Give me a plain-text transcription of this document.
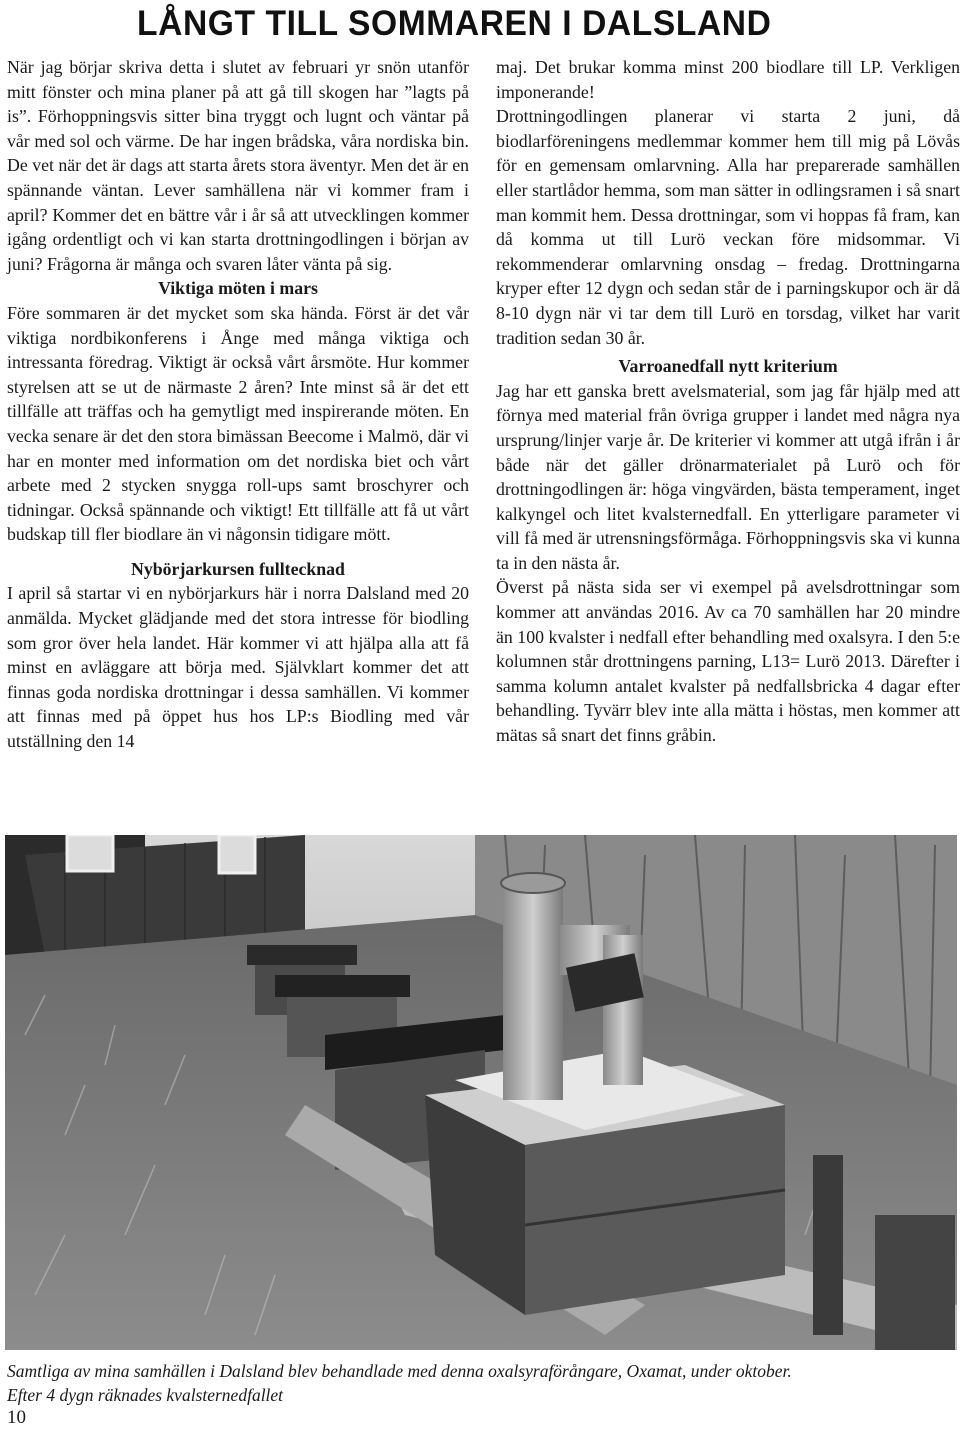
LÅNGT TILL SOMMAREN I DALSLAND

När jag börjar skriva detta i slutet av februari yr snön utanför mitt fönster och mina planer på att gå till skogen har ”lagts på is”. Förhoppningsvis sitter bina tryggt och lugnt och väntar på vår med sol och värme. De har ingen brådska, våra nordiska bin. De vet när det är dags att starta årets stora äventyr. Men det är en spännande väntan. Lever samhällena när vi kommer fram i april? Kommer det en bättre vår i år så att utvecklingen kommer igång ordentligt och vi kan starta drottningodlingen i början av juni? Frågorna är många och svaren låter vänta på sig.

Viktiga möten i mars

Före sommaren är det mycket som ska hända. Först är det vår viktiga nordbikonferens i Ånge med många viktiga och intressanta föredrag. Viktigt är också vårt årsmöte. Hur kommer styrelsen att se ut de närmaste 2 åren? Inte minst så är det ett tillfälle att träffas och ha gemytligt med inspirerande möten. En vecka senare är det den stora bimässan Beecome i Malmö, där vi har en monter med information om det nordiska biet och vårt arbete med 2 stycken snygga roll-ups samt broschyrer och tidningar. Också spännande och viktigt! Ett tillfälle att få ut vårt budskap till fler biodlare än vi någonsin tidigare mött.

Nybörjarkursen fulltecknad

I april så startar vi en nybörjarkurs här i norra Dalsland med 20 anmälda. Mycket glädjande med det stora intresse för biodling som gror över hela landet. Här kommer vi att hjälpa alla att få minst en avläggare att börja med. Självklart kommer det att finnas goda nordiska drottningar i dessa samhällen. Vi kommer att finnas med på öppet hus hos LP:s Biodling med vår utställning den 14

maj. Det brukar komma minst 200 biodlare till LP. Verkligen imponerande!

Drottningodlingen planerar vi starta 2 juni, då biodlarföreningens medlemmar kommer hem till mig på Lövås för en gemensam omlarvning. Alla har preparerade samhällen eller startlådor hemma, som man sätter in odlingsramen i så snart man kommit hem. Dessa drottningar, som vi hoppas få fram, kan då komma ut till Lurö veckan före midsommar. Vi rekommenderar omlarvning onsdag – fredag. Drottningarna kryper efter 12 dygn och sedan står de i parningskupor och är då 8-10 dygn när vi tar dem till Lurö en torsdag, vilket har varit tradition sedan 30 år.

Varroanedfall nytt kriterium

Jag har ett ganska brett avelsmaterial, som jag får hjälp med att förnya med material från övriga grupper i landet med några nya ursprung/linjer varje år. De kriterier vi kommer att utgå ifrån i år både när det gäller drönarmaterialet på Lurö och för drottningodlingen är: höga vingvärden, bästa temperament, inget kalkyngel och litet kvalsternedfall. En ytterligare parameter vi vill få med är utrensningsförmåga. Förhoppningsvis ska vi kunna ta in den nästa år.

Överst på nästa sida ser vi exempel på avelsdrottningar som kommer att användas 2016. Av ca 70 samhällen har 20 mindre än 100 kvalster i nedfall efter behandling med oxalsyra. I den 5:e kolumnen står drottningens parning, L13= Lurö 2013. Därefter i samma kolumn antalet kvalster på nedfallsbricka 4 dagar efter behandling. Tyvärr blev inte alla mätta i höstas, men kommer att mätas så snart det finns gråbin.

Samtliga av mina samhällen i Dalsland blev behandlade med denna oxalsyraförångare, Oxamat, under oktober.
Efter 4 dygn räknades kvalsternedfallet
10
